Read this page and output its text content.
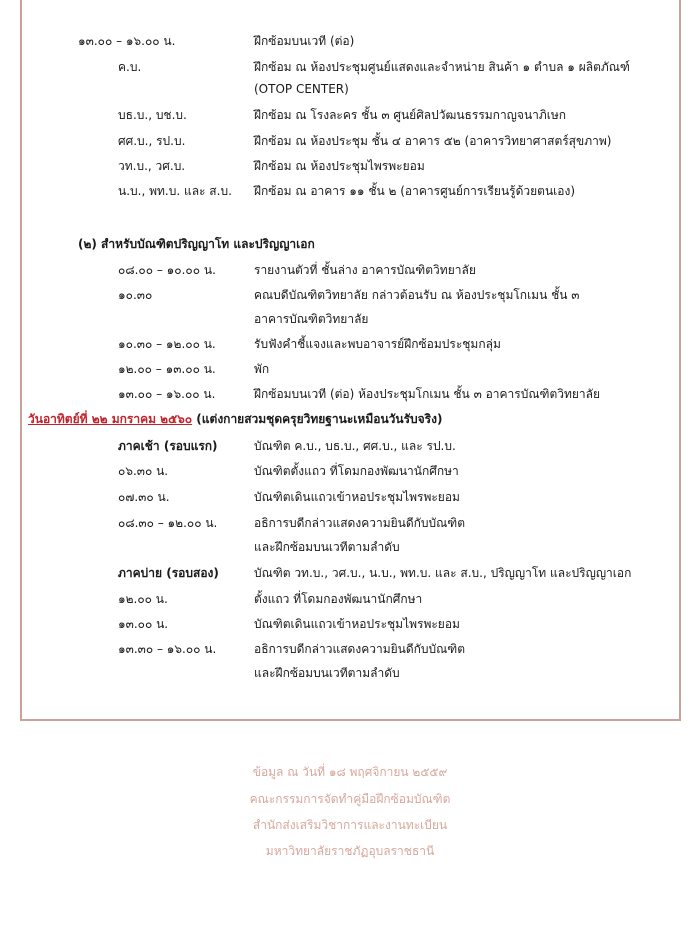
๑๓.๐๐ – ๑๖.๐๐ น.	ฝึกซ้อมบนเวที (ต่อ)
ค.บ.	ฝึกซ้อม ณ ห้องประชุมศูนย์แสดงและจำหน่าย สินค้า ๑ ตำบล ๑ ผลิตภัณฑ์
(OTOP CENTER)
บธ.บ., บช.บ.	ฝึกซ้อม ณ โรงละคร ชั้น ๓ ศูนย์ศิลปวัฒนธรรมกาญจนาภิเษก
ศศ.บ., รป.บ.	ฝึกซ้อม ณ ห้องประชุม ชั้น ๔ อาคาร ๕๒ (อาคารวิทยาศาสตร์สุขภาพ)
วท.บ., วศ.บ.	ฝึกซ้อม ณ ห้องประชุมไพรพะยอม
น.บ., พท.บ. และ ส.บ. ฝึกซ้อม ณ อาคาร ๑๑ ชั้น ๒ (อาคารศูนย์การเรียนรู้ด้วยตนเอง)
(๒) สำหรับบัณฑิตปริญญาโท และปริญญาเอก
๐๘.๐๐ – ๑๐.๐๐ น.	รายงานตัวที่ ชั้นล่าง อาคารบัณฑิตวิทยาลัย
๑๐.๓๐	คณบดีบัณฑิตวิทยาลัย กล่าวต้อนรับ ณ ห้องประชุมโกเมน ชั้น ๓
อาคารบัณฑิตวิทยาลัย
๑๐.๓๐ – ๑๒.๐๐ น.	รับฟังคำชี้แจงและพบอาจารย์ฝึกซ้อมประชุมกลุ่ม
๑๒.๐๐ – ๑๓.๐๐ น.	พัก
๑๓.๐๐ – ๑๖.๐๐ น.	ฝึกซ้อมบนเวที (ต่อ) ห้องประชุมโกเมน ชั้น ๓ อาคารบัณฑิตวิทยาลัย
วันอาทิตย์ที่ ๒๒ มกราคม ๒๕๖๐ (แต่งกายสวมชุดครุยวิทยฐานะเหมือนวันรับจริง)
ภาคเช้า (รอบแรก)	บัณฑิต ค.บ., บธ.บ., ศศ.บ., และ รป.บ.
๐๖.๓๐ น.	บัณฑิตตั้งแถว ที่โดมกองพัฒนานักศึกษา
๐๗.๓๐ น.	บัณฑิตเดินแถวเข้าหอประชุมไพรพะยอม
๐๘.๓๐ – ๑๒.๐๐ น.	อธิการบดีกล่าวแสดงความยินดีกับบัณฑิต
และฝึกซ้อมบนเวทีตามลำดับ
ภาคบ่าย (รอบสอง)	บัณฑิต วท.บ., วศ.บ., น.บ., พท.บ. และ ส.บ., ปริญญาโท และปริญญาเอก
๑๒.๐๐ น.	ตั้งแถว ที่โดมกองพัฒนานักศึกษา
๑๓.๐๐ น.	บัณฑิตเดินแถวเข้าหอประชุมไพรพะยอม
๑๓.๓๐ – ๑๖.๐๐ น.	อธิการบดีกล่าวแสดงความยินดีกับบัณฑิต
และฝึกซ้อมบนเวทีตามลำดับ
ข้อมูล ณ วันที่ ๑๘ พฤศจิกายน ๒๕๕๙
คณะกรรมการจัดทำคู่มือฝึกซ้อมบัณฑิต
สำนักส่งเสริมวิชาการและงานทะเบียน
มหาวิทยาลัยราชภัฏอุบลราชธานี
